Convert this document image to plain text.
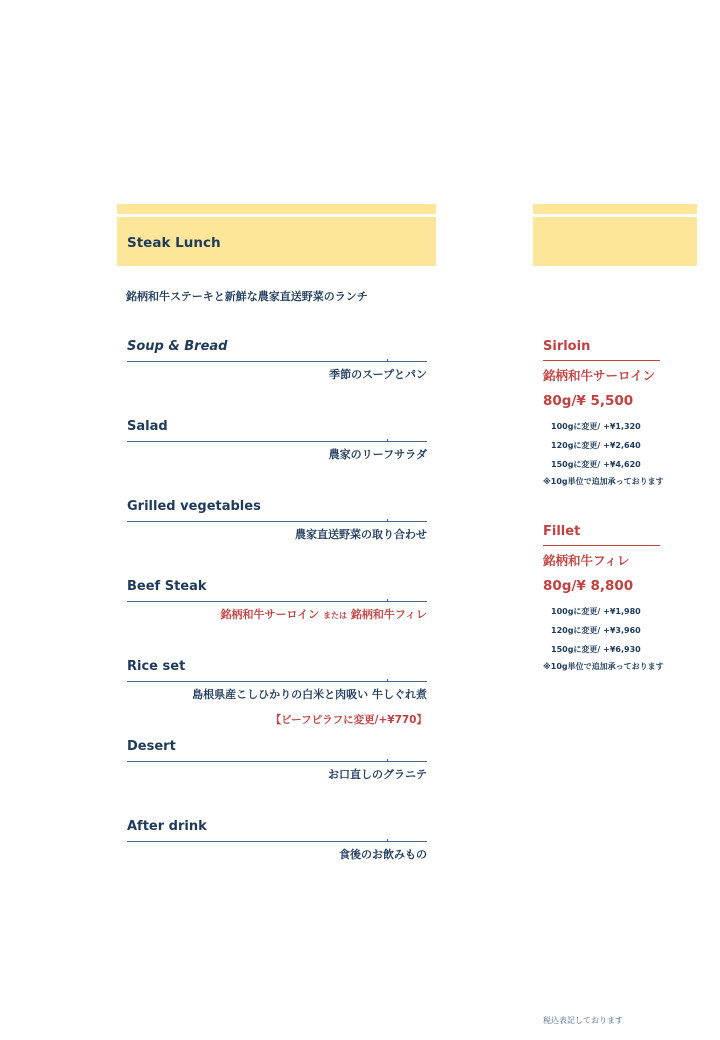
Steak Lunch
銘柄和牛ステーキと新鮮な農家直送野菜のランチ
Soup & Bread
季節のスープとパン
Salad
農家のリーフサラダ
Grilled vegetables
農家直送野菜の取り合わせ
Beef Steak
銘柄和牛サーロイン または 銘柄和牛フィレ
Rice set
島根県産こしひかりの白米と肉吸い 牛しぐれ煮
【ビーフピラフに変更/+¥770】
Desert
お口直しのグラニテ
After drink
食後のお飲みもの
Sirloin
銘柄和牛サーロイン
80g/¥ 5,500
100gに変更/ +¥1,320
120gに変更/ +¥2,640
150gに変更/ +¥4,620
※10g単位で追加承っております
Fillet
銘柄和牛フィレ
80g/¥ 8,800
100gに変更/ +¥1,980
120gに変更/ +¥3,960
150gに変更/ +¥6,930
※10g単位で追加承っております
税込表記しております
